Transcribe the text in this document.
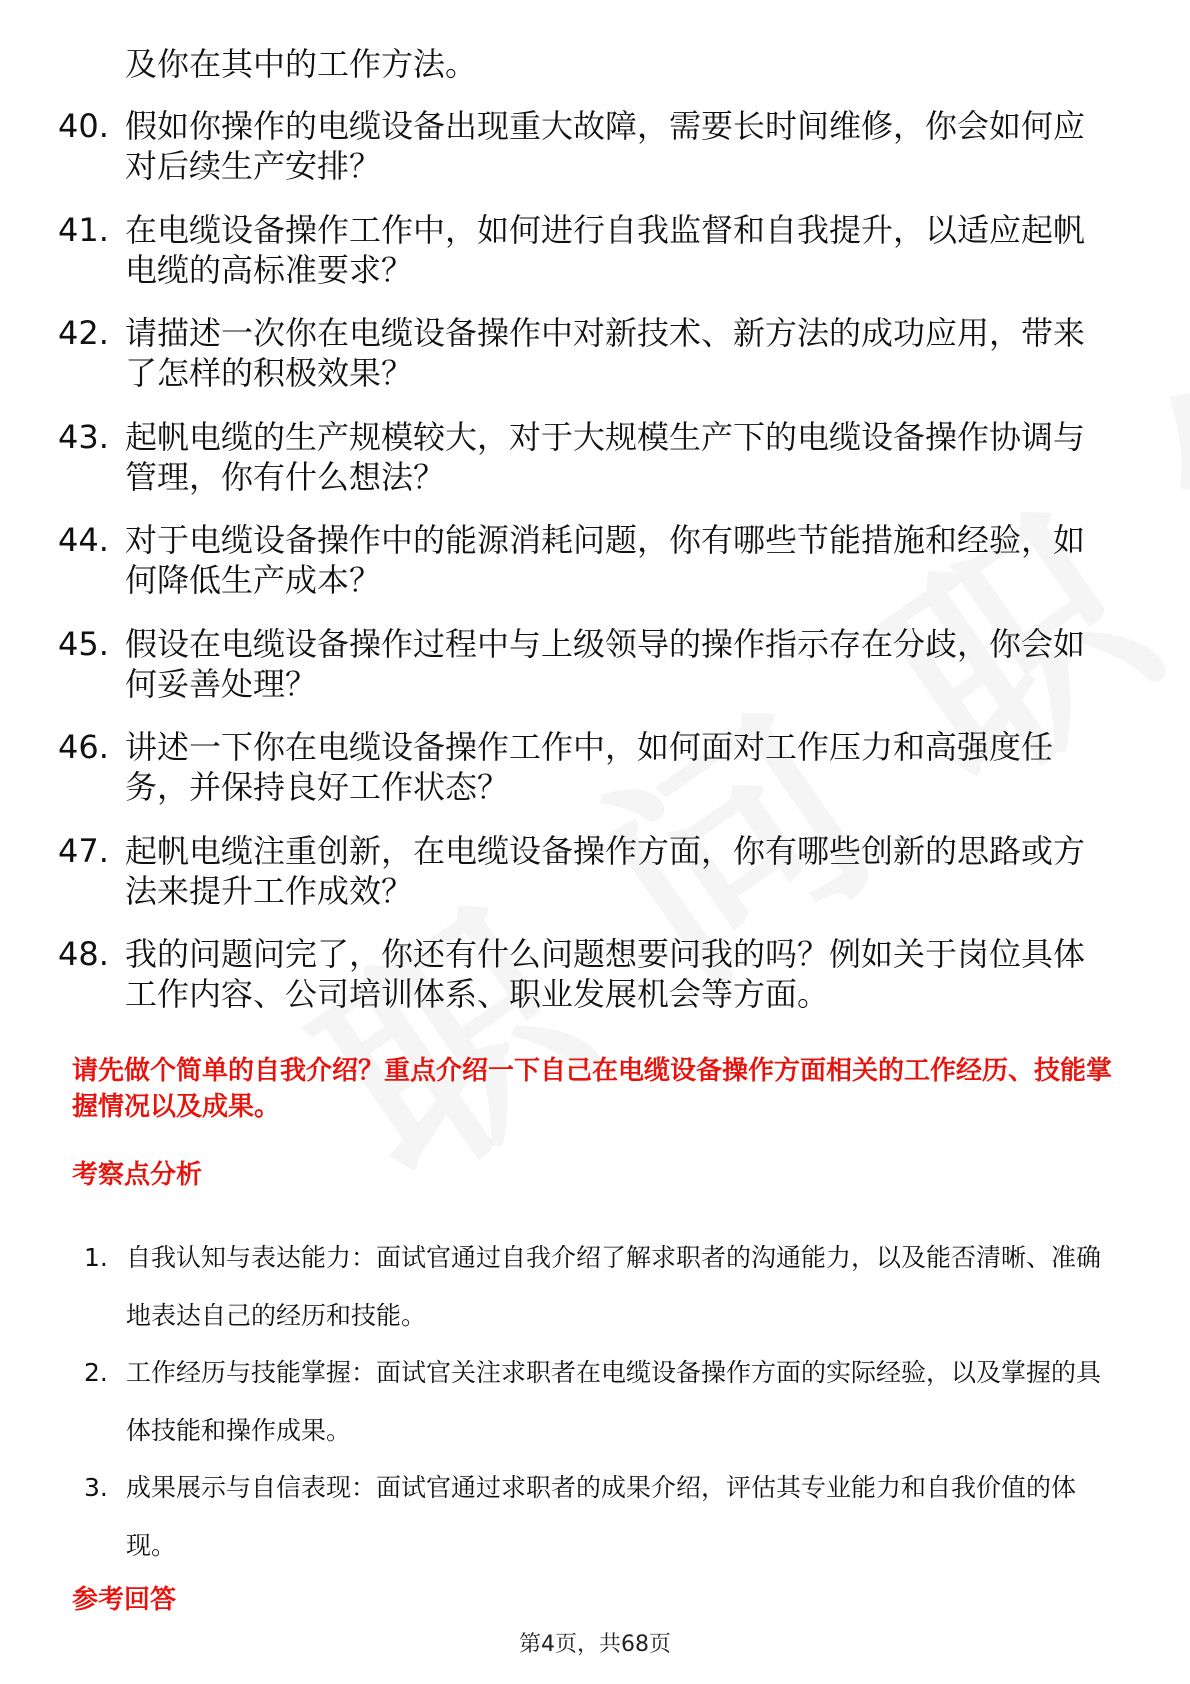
及你在其中的工作方法。
40. 假如你操作的电缆设备出现重大故障，需要长时间维修，你会如何应对后续生产安排？
41. 在电缆设备操作工作中，如何进行自我监督和自我提升，以适应起帆电缆的高标准要求？
42. 请描述一次你在电缆设备操作中对新技术、新方法的成功应用，带来了怎样的积极效果？
43. 起帆电缆的生产规模较大，对于大规模生产下的电缆设备操作协调与管理，你有什么想法？
44. 对于电缆设备操作中的能源消耗问题，你有哪些节能措施和经验，如何降低生产成本？
45. 假设在电缆设备操作过程中与上级领导的操作指示存在分歧，你会如何妥善处理？
46. 讲述一下你在电缆设备操作工作中，如何面对工作压力和高强度任务，并保持良好工作状态？
47. 起帆电缆注重创新，在电缆设备操作方面，你有哪些创新的思路或方法来提升工作成效？
48. 我的问题问完了，你还有什么问题想要问我的吗？例如关于岗位具体工作内容、公司培训体系、职业发展机会等方面。
请先做个简单的自我介绍？重点介绍一下自己在电缆设备操作方面相关的工作经历、技能掌握情况以及成果。
考察点分析
1. 自我认知与表达能力：面试官通过自我介绍了解求职者的沟通能力，以及能否清晰、准确地表达自己的经历和技能。
2. 工作经历与技能掌握：面试官关注求职者在电缆设备操作方面的实际经验，以及掌握的具体技能和操作成果。
3. 成果展示与自信表现：面试官通过求职者的成果介绍，评估其专业能力和自我价值的体现。
参考回答
第4页，共68页
